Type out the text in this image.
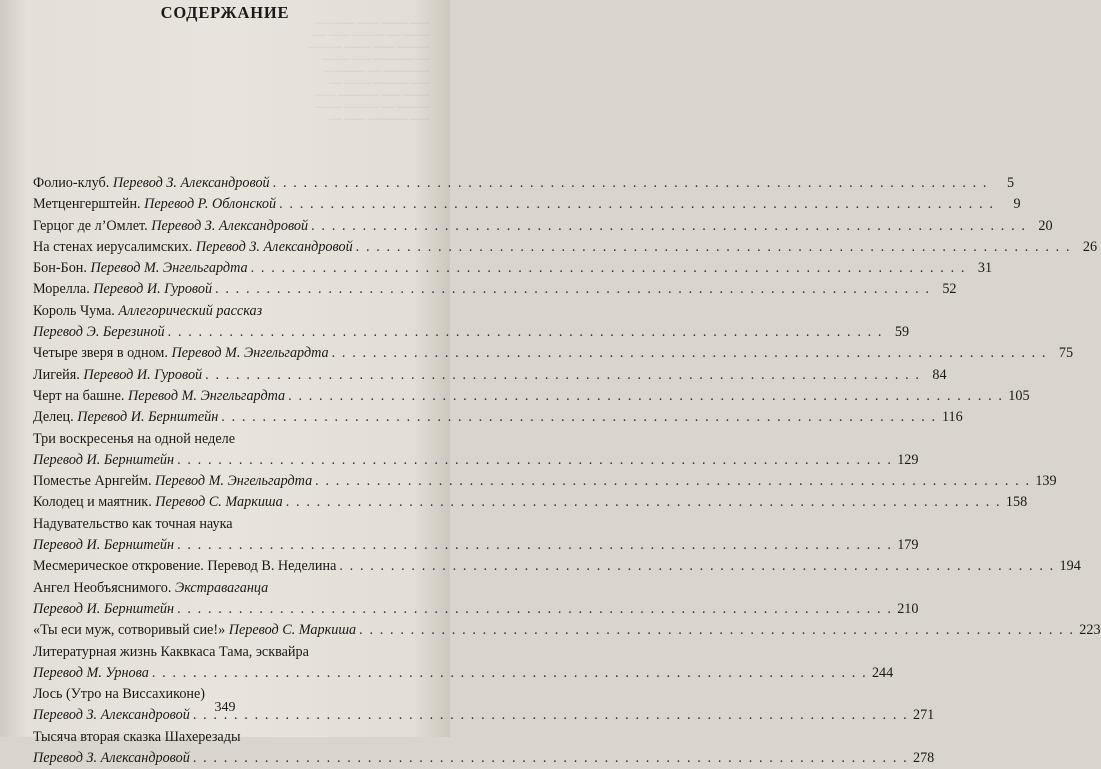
─── ──── ─── ──────
──── ── ───── ─── ──
───── ─── ──── ─────
── ────── ─── ────
─────── ── ──────
─── ───── ──── ──
──── ─── ────── ───
───── ── ───── ────
─── ────── ─── ──
СОДЕРЖАНИЕ
Фолио-клуб. Перевод З. Александровой . . .	5
Метценгерштейн. Перевод Р. Облонской . . .	9
Герцог де л’Омлет. Перевод З. Александровой . . .	20
На стенах иерусалимских. Перевод З. Александровой . . .	26
Бон-Бон. Перевод М. Энгельгардта . . .	31
Морелла. Перевод И. Гуровой . . .	52
Король Чума. Аллегорический рассказ
Перевод Э. Березиной . . .	59
Четыре зверя в одном. Перевод М. Энгельгардта . . .	75
Лигейя. Перевод И. Гуровой . . .	84
Черт на башне. Перевод М. Энгельгардта . . .	105
Делец. Перевод И. Бернштейн . . .	116
Три воскресенья на одной неделе
Перевод И. Бернштейн . . .	129
Поместье Арнгейм. Перевод М. Энгельгардта . . .	139
Колодец и маятник. Перевод С. Маркиша . . .	158
Надувательство как точная наука
Перевод И. Бернштейн . . .	179
Месмерическое откровение. Перевод В. Неделина . . .	194
Ангел Необъяснимого. Экстраваганца
Перевод И. Бернштейн . . .	210
«Ты еси муж, сотворивый сие!» Перевод С. Маркиша . . .	223
Литературная жизнь Каквкаса Тама, эсквайра
Перевод М. Урнова . . .	244
Лось (Утро на Виссахиконе)
Перевод З. Александровой . . .	271
Тысяча вторая сказка Шахерезады
Перевод З. Александровой . . .	278
349
